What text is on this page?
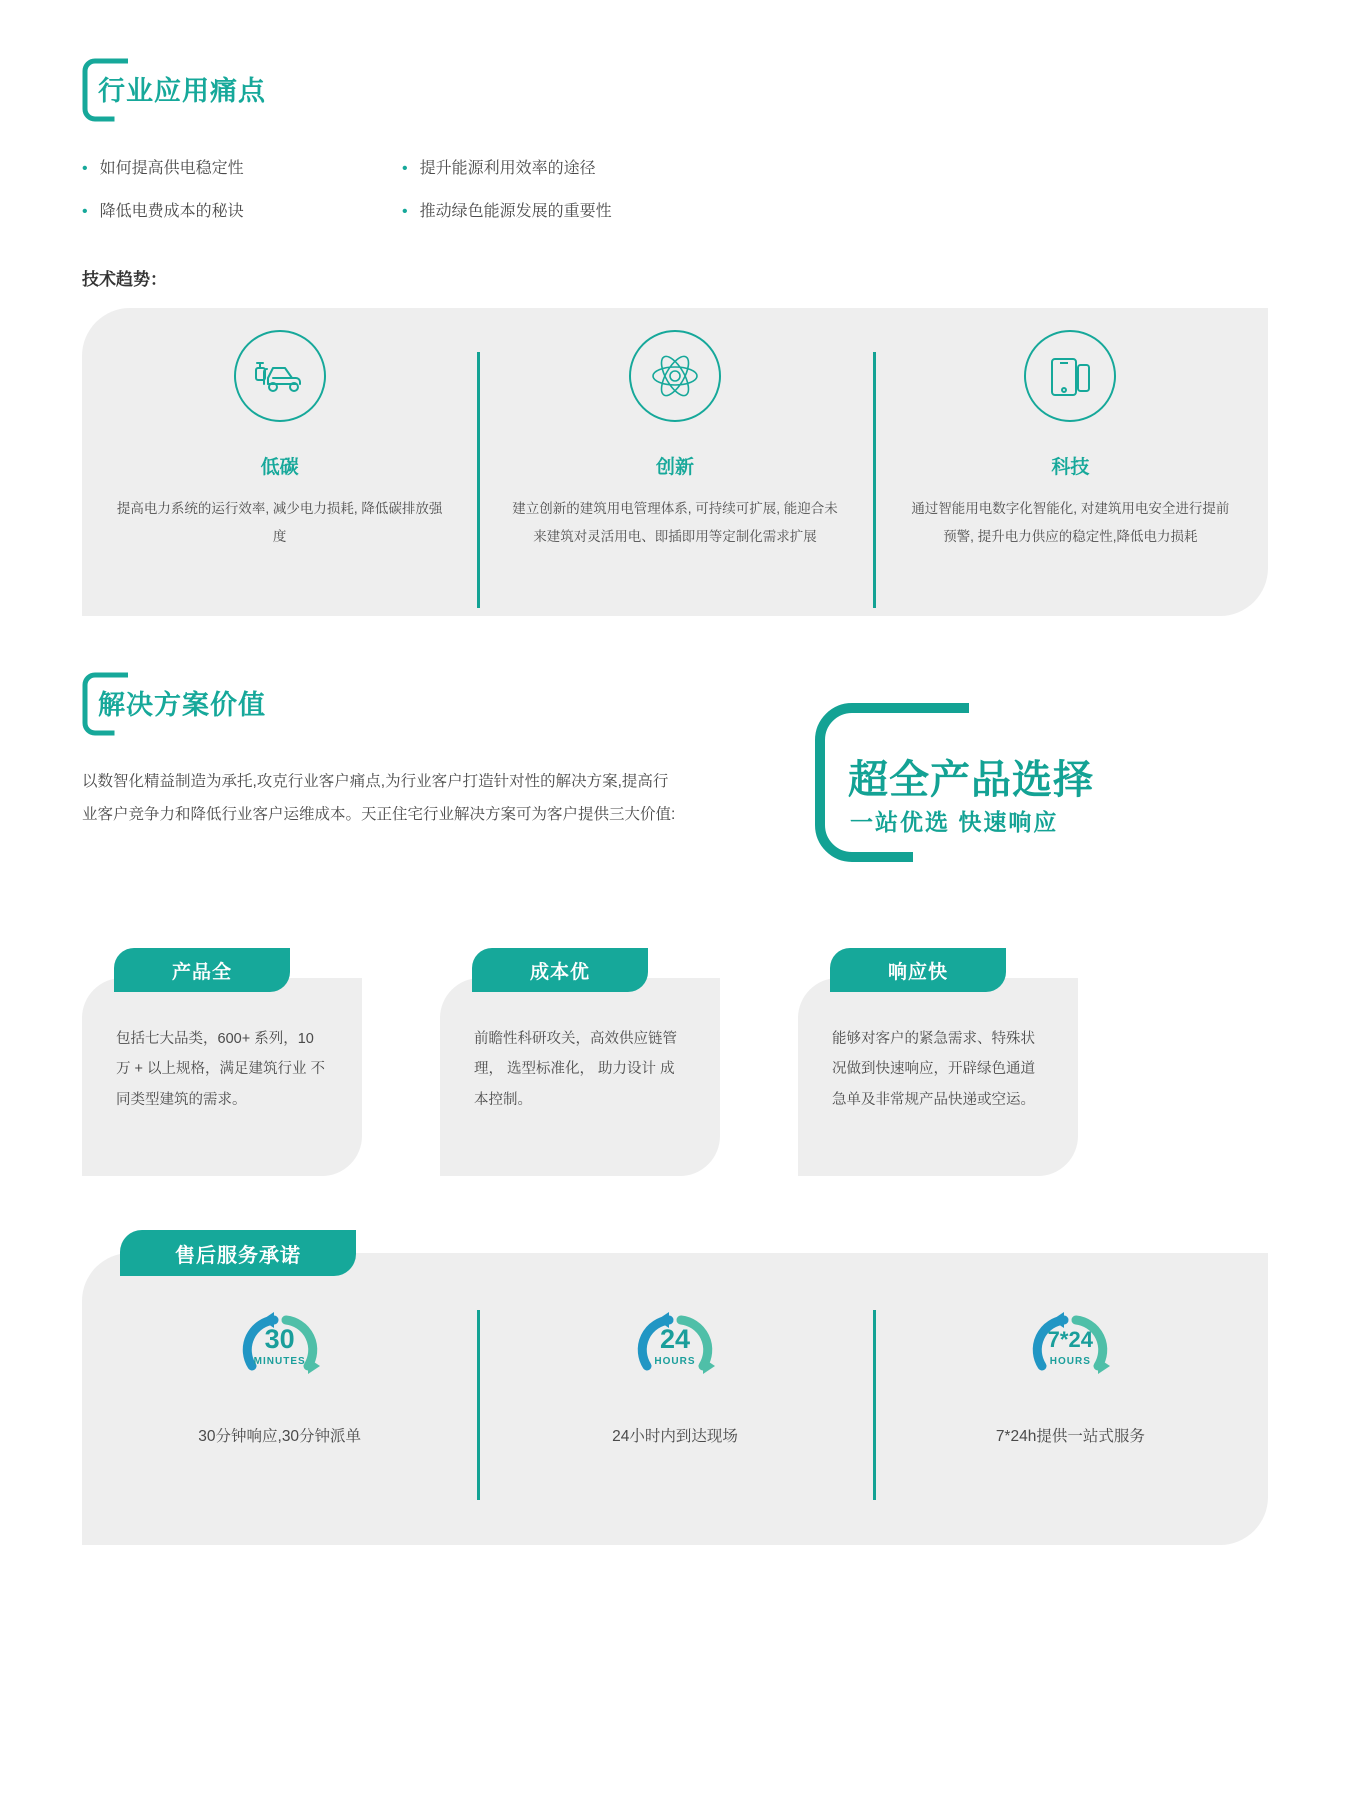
行业应用痛点
• 如何提高供电稳定性	• 提升能源利用效率的途径
• 降低电费成本的秘诀	• 推动绿色能源发展的重要性
技术趋势：
低碳
提高电力系统的运行效率, 减少电力损耗, 降低碳排放强度
创新
建立创新的建筑用电管理体系, 可持续可扩展, 能迎合未来建筑对灵活用电、即插即用等定制化需求扩展
科技
通过智能用电数字化智能化, 对建筑用电安全进行提前预警, 提升电力供应的稳定性,降低电力损耗
解决方案价值
以数智化精益制造为承托,攻克行业客户痛点,为行业客户打造针对性的解决方案,提高行业客户竞争力和降低行业客户运维成本。天正住宅行业解决方案可为客户提供三大价值:
超全产品选择
一站优选 快速响应
产品全
包括七大品类，600+ 系列，10 万 + 以上规格，满足建筑行业 不同类型建筑的需求。
成本优
前瞻性科研攻关，高效供应链管理， 选型标准化， 助力设计 成本控制。
响应快
能够对客户的紧急需求、特殊状况做到快速响应，开辟绿色通道急单及非常规产品快递或空运。
售后服务承诺
30
MINUTES
30分钟响应,30分钟派单
24
HOURS
24小时内到达现场
7*24
HOURS
7*24h提供一站式服务
